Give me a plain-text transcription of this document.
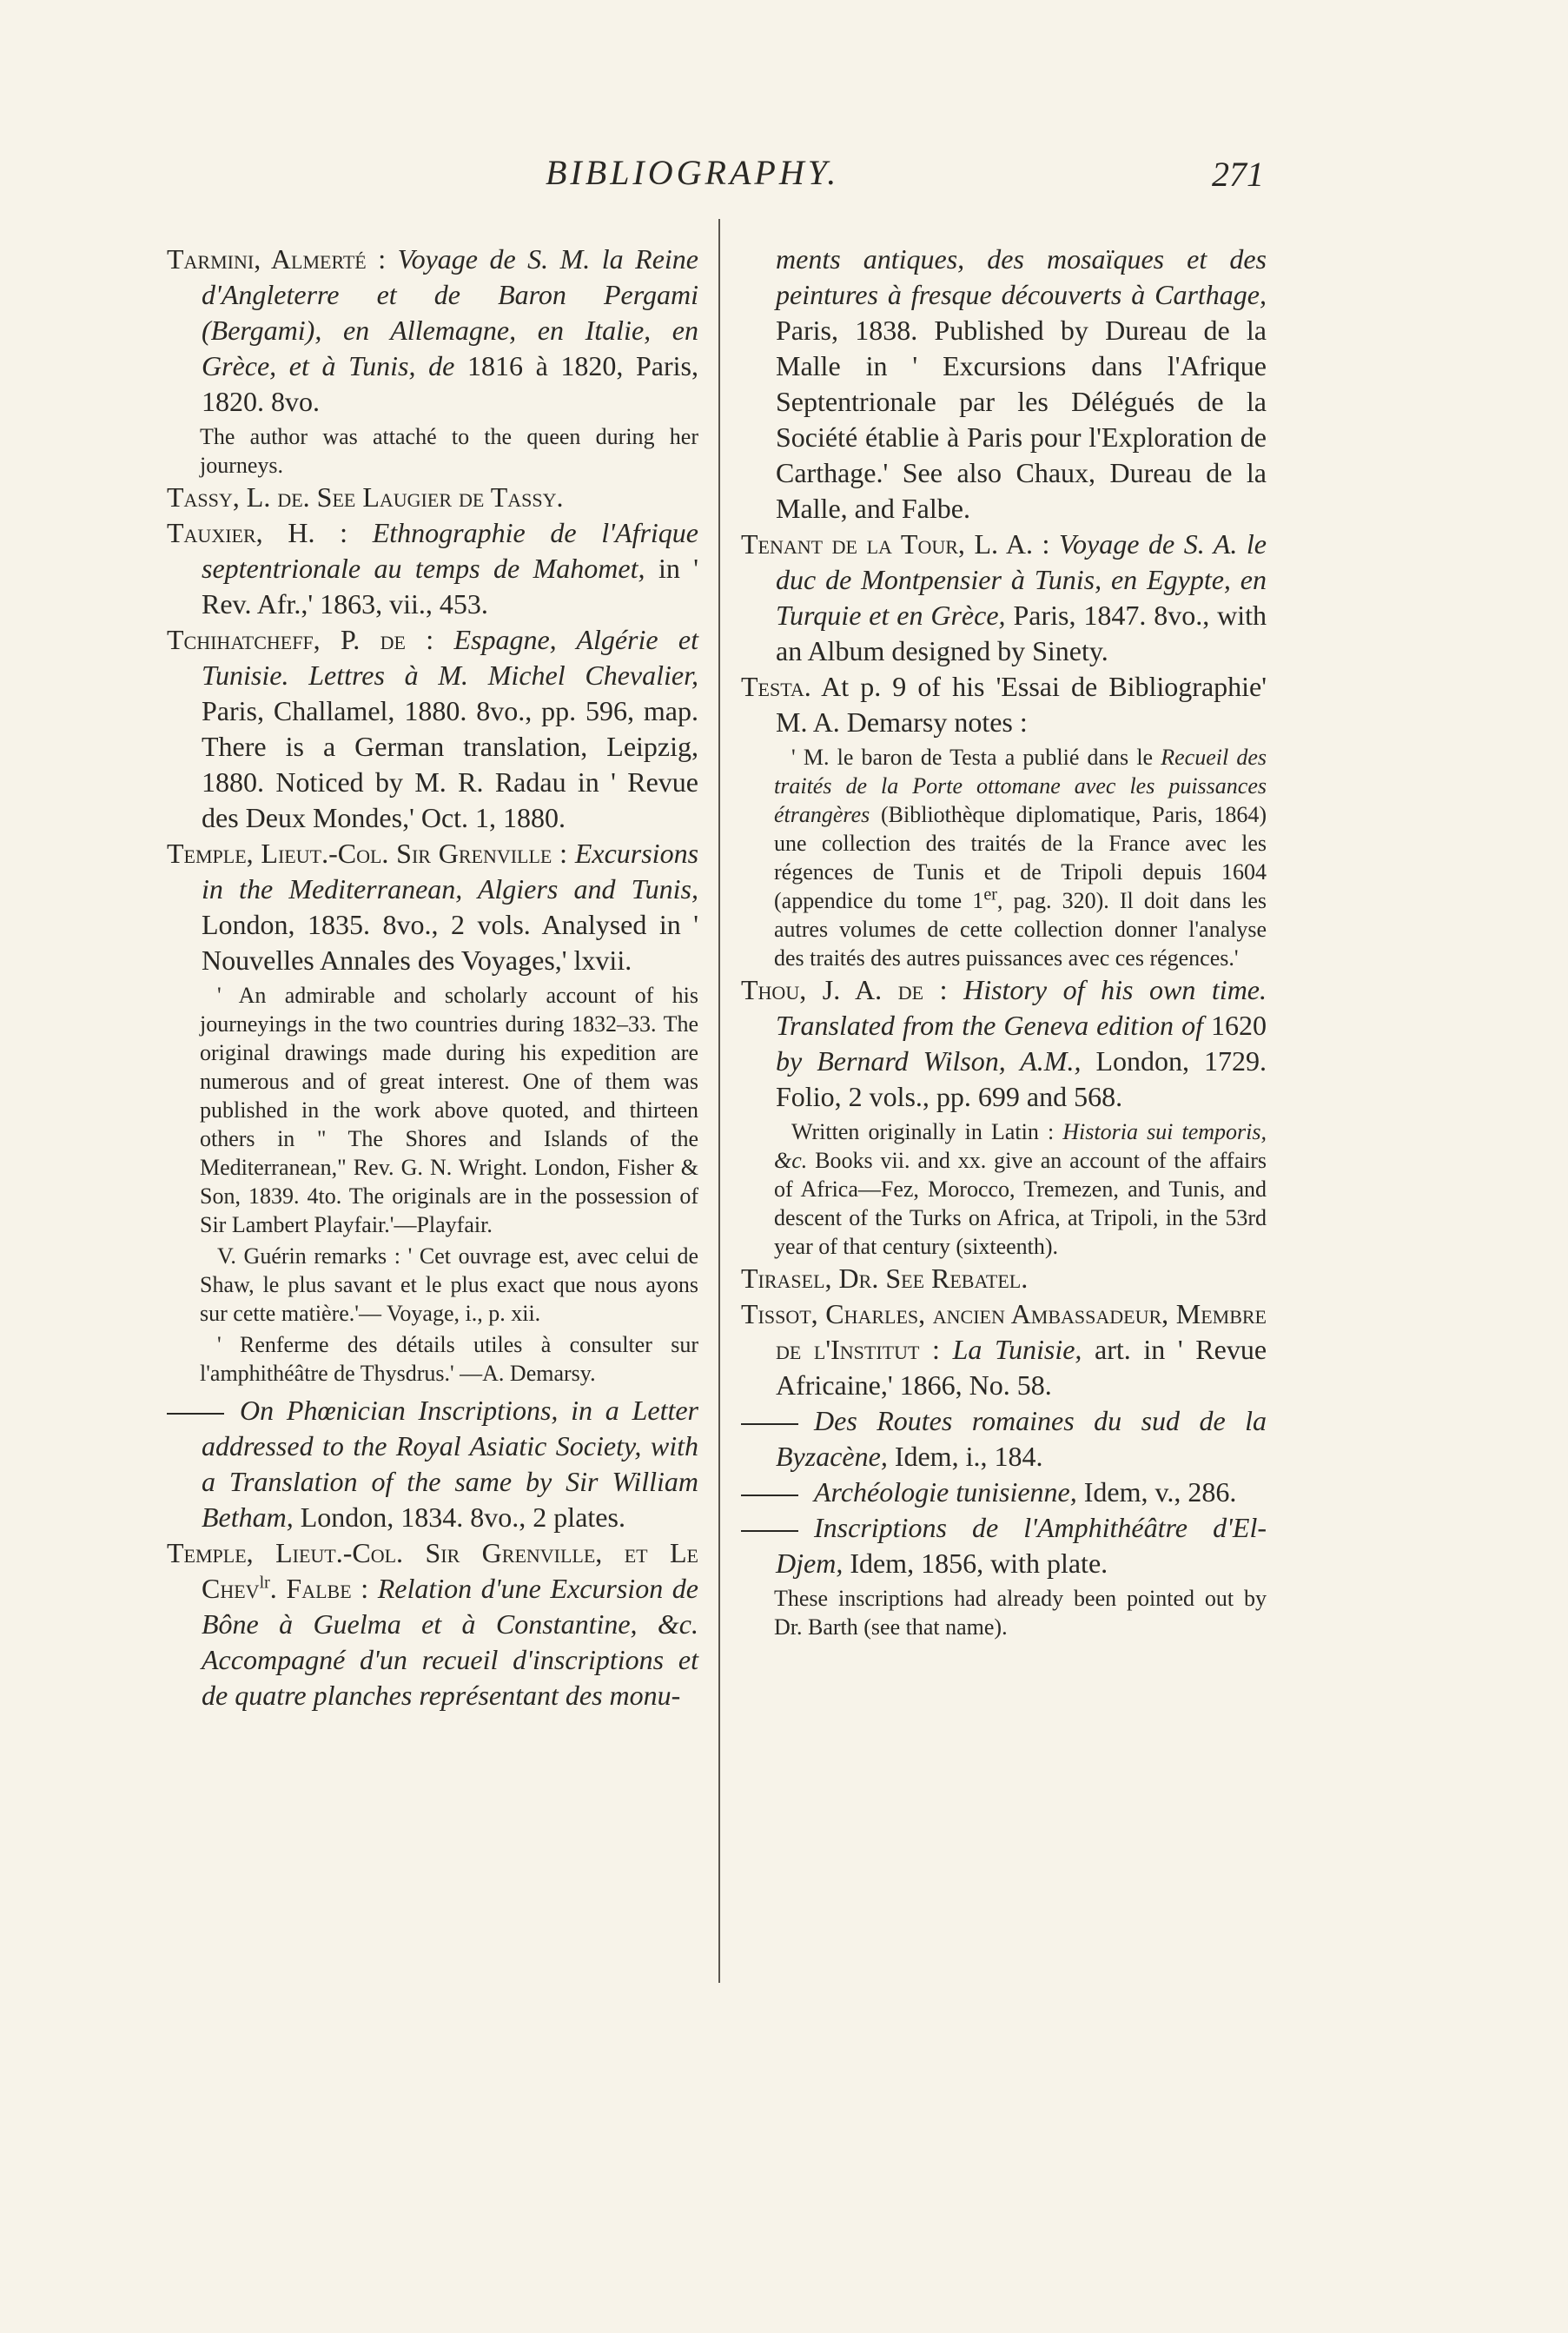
BIBLIOGRAPHY.	271

Tarmini, Almerté : Voyage de S. M. la Reine d'Angleterre et de Baron Pergami (Bergami), en Allemagne, en Italie, en Grèce, et à Tunis, de 1816 à 1820, Paris, 1820. 8vo.

The author was attaché to the queen during her journeys.

Tassy, L. de. See Laugier de Tassy.

Tauxier, H. : Ethnographie de l'Afrique septentrionale au temps de Mahomet, in ' Rev. Afr.,' 1863, vii., 453.

Tchihatcheff, P. de : Espagne, Algérie et Tunisie. Lettres à M. Michel Chevalier, Paris, Challamel, 1880. 8vo., pp. 596, map. There is a German translation, Leipzig, 1880. Noticed by M. R. Radau in ' Revue des Deux Mondes,' Oct. 1, 1880.

Temple, Lieut.-Col. Sir Grenville : Excursions in the Mediterranean, Algiers and Tunis, London, 1835. 8vo., 2 vols. Analysed in ' Nouvelles Annales des Voyages,' lxvii.

' An admirable and scholarly account of his journeyings in the two countries during 1832–33. The original drawings made during his expedition are numerous and of great interest. One of them was published in the work above quoted, and thirteen others in " The Shores and Islands of the Mediterranean," Rev. G. N. Wright. London, Fisher & Son, 1839. 4to. The originals are in the possession of Sir Lambert Playfair.'—Playfair.

V. Guérin remarks : ' Cet ouvrage est, avec celui de Shaw, le plus savant et le plus exact que nous ayons sur cette matière.'— Voyage, i., p. xii.

' Renferme des détails utiles à consulter sur l'amphithéâtre de Thysdrus.' —A. Demarsy.

On Phœnician Inscriptions, in a Letter addressed to the Royal Asiatic Society, with a Translation of the same by Sir William Betham, London, 1834. 8vo., 2 plates.

Temple, Lieut.-Col. Sir Grenville, et Le Chev$^{lr}$. Falbe : Relation d'une Excursion de Bône à Guelma et à Constantine, &c. Accompagné d'un recueil d'inscriptions et de quatre planches représentant des monu-

ments antiques, des mosaïques et des peintures à fresque découverts à Carthage, Paris, 1838. Published by Dureau de la Malle in ' Excursions dans l'Afrique Septentrionale par les Délégués de la Société établie à Paris pour l'Exploration de Carthage.' See also Chaux, Dureau de la Malle, and Falbe.

Tenant de la Tour, L. A. : Voyage de S. A. le duc de Montpensier à Tunis, en Egypte, en Turquie et en Grèce, Paris, 1847. 8vo., with an Album designed by Sinety.

Testa. At p. 9 of his 'Essai de Bibliographie' M. A. Demarsy notes :

' M. le baron de Testa a publié dans le Recueil des traités de la Porte ottomane avec les puissances étrangères (Bibliothèque diplomatique, Paris, 1864) une collection des traités de la France avec les régences de Tunis et de Tripoli depuis 1604 (appendice du tome 1er, pag. 320). Il doit dans les autres volumes de cette collection donner l'analyse des traités des autres puissances avec ces régences.'

Thou, J. A. de : History of his own time. Translated from the Geneva edition of 1620 by Bernard Wilson, A.M., London, 1729. Folio, 2 vols., pp. 699 and 568.

Written originally in Latin : Historia sui temporis, &c. Books vii. and xx. give an account of the affairs of Africa—Fez, Morocco, Tremezen, and Tunis, and descent of the Turks on Africa, at Tripoli, in the 53rd year of that century (sixteenth).

Tirasel, Dr. See Rebatel.

Tissot, Charles, ancien Ambassadeur, Membre de l'Institut : La Tunisie, art. in ' Revue Africaine,' 1866, No. 58.

Des Routes romaines du sud de la Byzacène, Idem, i., 184.

Archéologie tunisienne, Idem, v., 286.

Inscriptions de l'Amphithéâtre d'El-Djem, Idem, 1856, with plate.

These inscriptions had already been pointed out by Dr. Barth (see that name).
